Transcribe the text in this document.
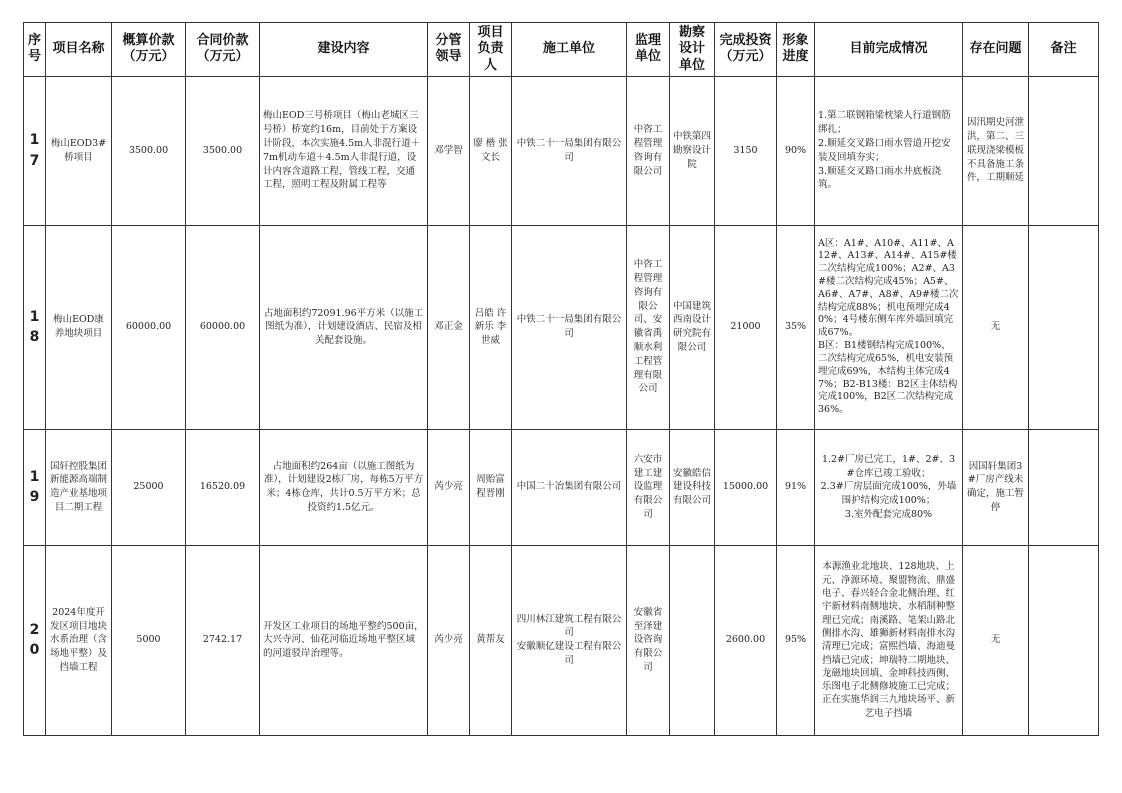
序号	项目名称	概算价款（万元）	合同价款（万元）	建设内容	分管领导	项目负责人	施工单位	监理单位	勘察设计单位	完成投资（万元）	形象进度	目前完成情况	存在问题	备注
17	梅山EOD3#桥项目	3500.00	3500.00	梅山EOD三号桥项目（梅山老城区三号桥）桥宽约16m，目前处于方案设计阶段，本次实施4.5m人非混行道＋7m机动车道＋4.5m人非混行道，设计内容含道路工程，管线工程，交通工程，照明工程及附属工程等	邓学智	廖 楷 张文长	中铁二十一局集团有限公司	中咨工程管理咨询有限公司	中铁第四勘察设计院	3150	90%	1.第二联钢箱梁枕梁人行道钢筋绑扎；
2.顺延交叉路口雨水管道开挖安装及回填夯实；
3.顺延交叉路口雨水井底板浇筑。	因汛期史河泄洪，第二、三联现浇梁模板不具备施工条件，工期顺延	
18	梅山EOD康养地块项目	60000.00	60000.00	占地面积约72091.96平方米（以施工图纸为准），计划建设酒店、民宿及相关配套设施。	邓正金	吕皓 许新乐 李世威	中铁二十一局集团有限公司	中咨工程管理咨询有限公司、安徽省禹顺水利工程管理有限公司	中国建筑西南设计研究院有限公司	21000	35%	A区：A1#、A10#、A11#、A12#、A13#、A14#、A15#楼二次结构完成100%；A2#、A3#楼二次结构完成45%；A5#、A6#、A7#、A8#、A9#楼二次结构完成88%；机电预埋完成40%；4号楼东侧车库外墙回填完成67%。
B区：B1楼钢结构完成100%、二次结构完成65%，机电安装预埋完成69%，木结构主体完成47%；B2-B13楼：B2区主体结构完成100%，B2区二次结构完成36%。	无	
19	国轩控股集团新能源高端制造产业基地项目二期工程	25000	16520.09	占地面积约264亩（以施工图纸为准），计划建设2栋厂房，每栋5万平方米；4栋仓库，共计0.5万平方米；总投资约1.5亿元。	芮少亮	周贻富 程晋刚	中国二十冶集团有限公司	六安市建工建设监理有限公司	安徽皓信建设科技有限公司	15000.00	91%	1.2#厂房已完工，1#、2#、3#仓库已竣工验收；
2.3#厂房层面完成100%，外墙围护结构完成100%；
3.室外配套完成80%	因国轩集团3#厂房产线未确定，施工暂停	
20	2024年度开发区项目地块水系治理（含场地平整）及挡墙工程	5000	2742.17	开发区工业项目的场地平整约500亩，大兴寺河、仙花河临近场地平整区域的河道驳岸治理等。	芮少亮	黄帮友	四川林江建筑工程有限公司
安徽顺亿建设工程有限公司	安徽省至泽建设咨询有限公司		2600.00	95%	本源渔业北地块、128地块、上元、净源环境、聚盟物流、鼎盛电子、春兴轻合金北侧治理、红宇新材料南侧地块、水稻制种整理已完成；南溪路、笔架山路北侧排水沟、雄狮新材料南排水沟清理已完成；富熙挡墙、海迪曼挡墙已完成；坤瑞特二期地块、龙磁地块回填、金坤科技西侧、乐图电子北侧修坡施工已完成；正在实施华润三九地块场平、新艺电子挡墙	无	
